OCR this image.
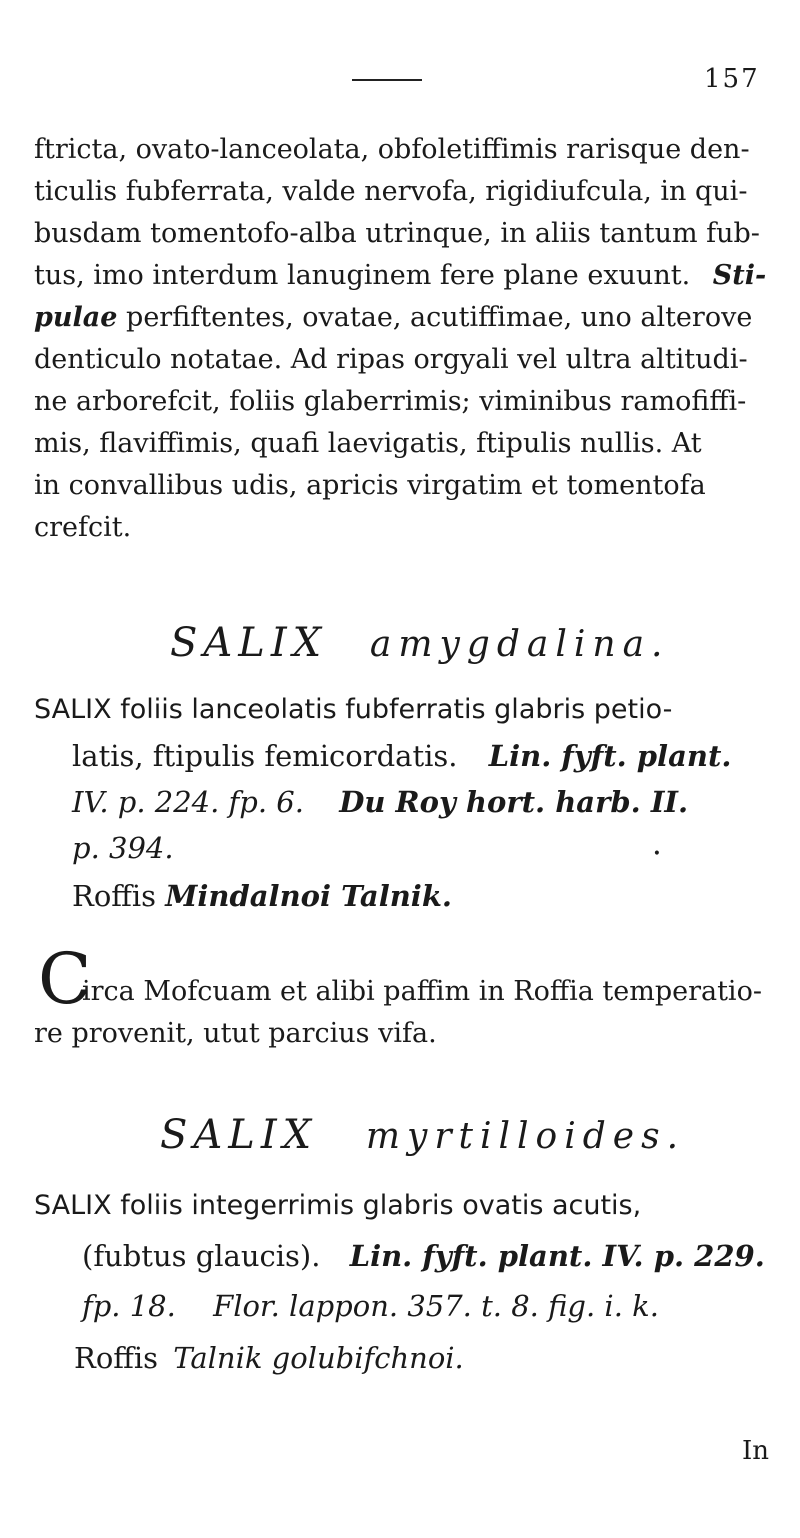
157
ftricta, ovato-lanceolata, obfoletiffimis rarisque den-
ticulis fubferrata, valde nervofa, rigidiufcula, in qui-
busdam tomentofo-alba utrinque, in aliis tantum fub-
tus, imo interdum lanuginem fere plane exuunt. Sti-
pulae perfiftentes, ovatae, acutiffimae, uno alterove
denticulo notatae. Ad ripas orgyali vel ultra altitudi-
ne arborefcit, foliis glaberrimis; viminibus ramofiffi-
mis, flaviffimis, quafi laevigatis, ftipulis nullis. At
in convallibus udis, apricis virgatim et tomentofa
crefcit.
SALIX amygdalina.
SALIX foliis lanceolatis fubferratis glabris petio-
latis, ftipulis femicordatis. Lin. fyft. plant.
IV. p. 224. fp. 6. Du Roy hort. harb. II.
p. 394.	•
Roffis Mindalnoi Talnik.
C
irca Mofcuam et alibi paffim in Roffia temperatio-
re provenit, utut parcius vifa.
SALIX myrtilloides.
SALIX foliis integerrimis glabris ovatis acutis,
(fubtus glaucis). Lin. fyft. plant. IV. p. 229.
fp. 18. Flor. lappon. 357. t. 8. fig. i. k.
Roffis Talnik golubifchnoi.
In
